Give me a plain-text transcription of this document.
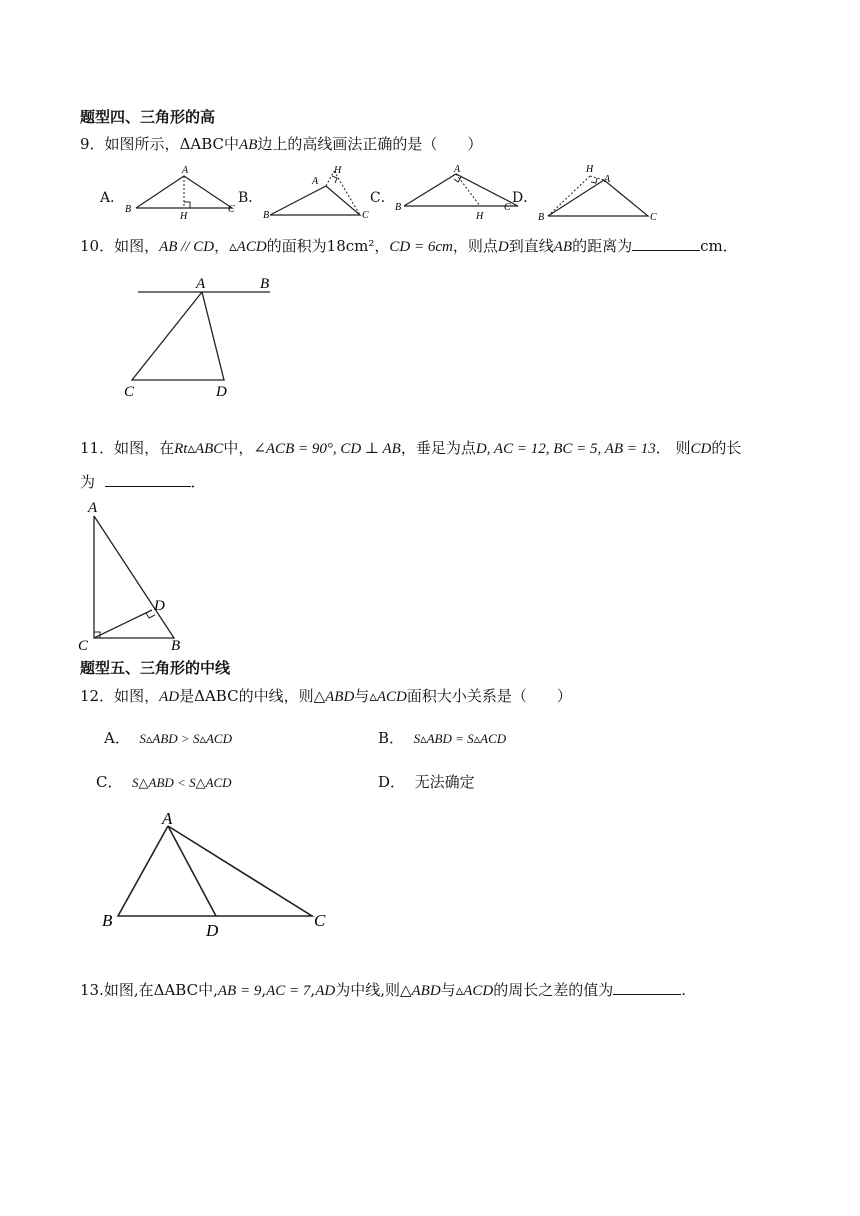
题型四、三角形的高
9．如图所示，ΔABC中AB边上的高线画法正确的是（　　）
A．
A
B	C
H
B．
A
H
B	C
C．
A
B	C
H
D．
H
A
B	C
10．如图，AB // CD，▵ACD的面积为18cm²，CD = 6cm，则点D到直线AB的距离为	cm．
A	B
C	D
11．如图，在Rt▵ABC中，∠ACB = 90°, CD ⊥ AB，垂足为点D, AC = 12, BC = 5, AB = 13． 则CD的长
为	．
A
D
C	B
题型五、三角形的中线
12．如图，AD是ΔABC的中线，则△ABD与▵ACD面积大小关系是（　　）
A． S▵ABD > S▵ACD	B． S▵ABD = S▵ACD
C． S△ABD < S△ACD	D． 无法确定
A
B
D
C
13.如图,在ΔABC中,AB = 9,AC = 7,AD为中线,则△ABD与▵ACD的周长之差的值为	.
